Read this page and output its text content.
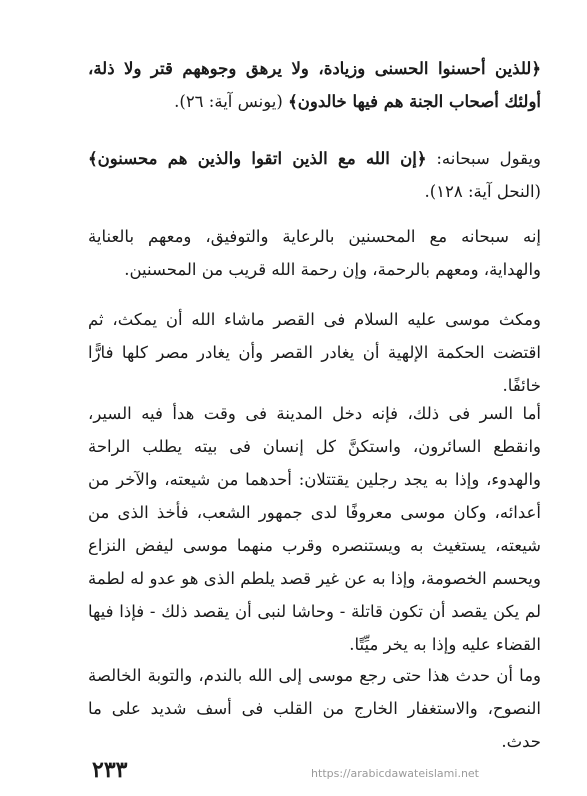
﴿للذين أحسنوا الحسنى وزيادة، ولا يرهق وجوههم قتر ولا ذلة، أولئك أصحاب الجنة هم فيها خالدون﴾ (يونس آية: ٢٦).

ويقول سبحانه: ﴿إن الله مع الذين اتقوا والذين هم محسنون﴾ (النحل آية: ١٢٨).

إنه سبحانه مع المحسنين بالرعاية والتوفيق، ومعهم بالعناية والهداية، ومعهم بالرحمة، وإن رحمة الله قريب من المحسنين.

ومكث موسى عليه السلام فى القصر ماشاء الله أن يمكث، ثم اقتضت الحكمة الإلهية أن يغادر القصر وأن يغادر مصر كلها فارًّا خائفًا.

أما السر فى ذلك، فإنه دخل المدينة فى وقت هدأ فيه السير، وانقطع السائرون، واستكنَّ كل إنسان فى بيته يطلب الراحة والهدوء، وإذا به يجد رجلين يقتتلان: أحدهما من شيعته، والآخر من أعدائه، وكان موسى معروفًا لدى جمهور الشعب، فأخذ الذى من شيعته، يستغيث به ويستنصره وقرب منهما موسى ليفض النزاع ويحسم الخصومة، وإذا به عن غير قصد يلطم الذى هو عدو له لطمة لم يكن يقصد أن تكون قاتلة - وحاشا لنبى أن يقصد ذلك - فإذا فيها القضاء عليه وإذا به يخر ميِّتًا.

وما أن حدث هذا حتى رجع موسى إلى الله بالندم، والتوبة الخالصة النصوح، والاستغفار الخارج من القلب فى أسف شديد على ما حدث.

٢٣٣	https://arabicdawateislami.net
